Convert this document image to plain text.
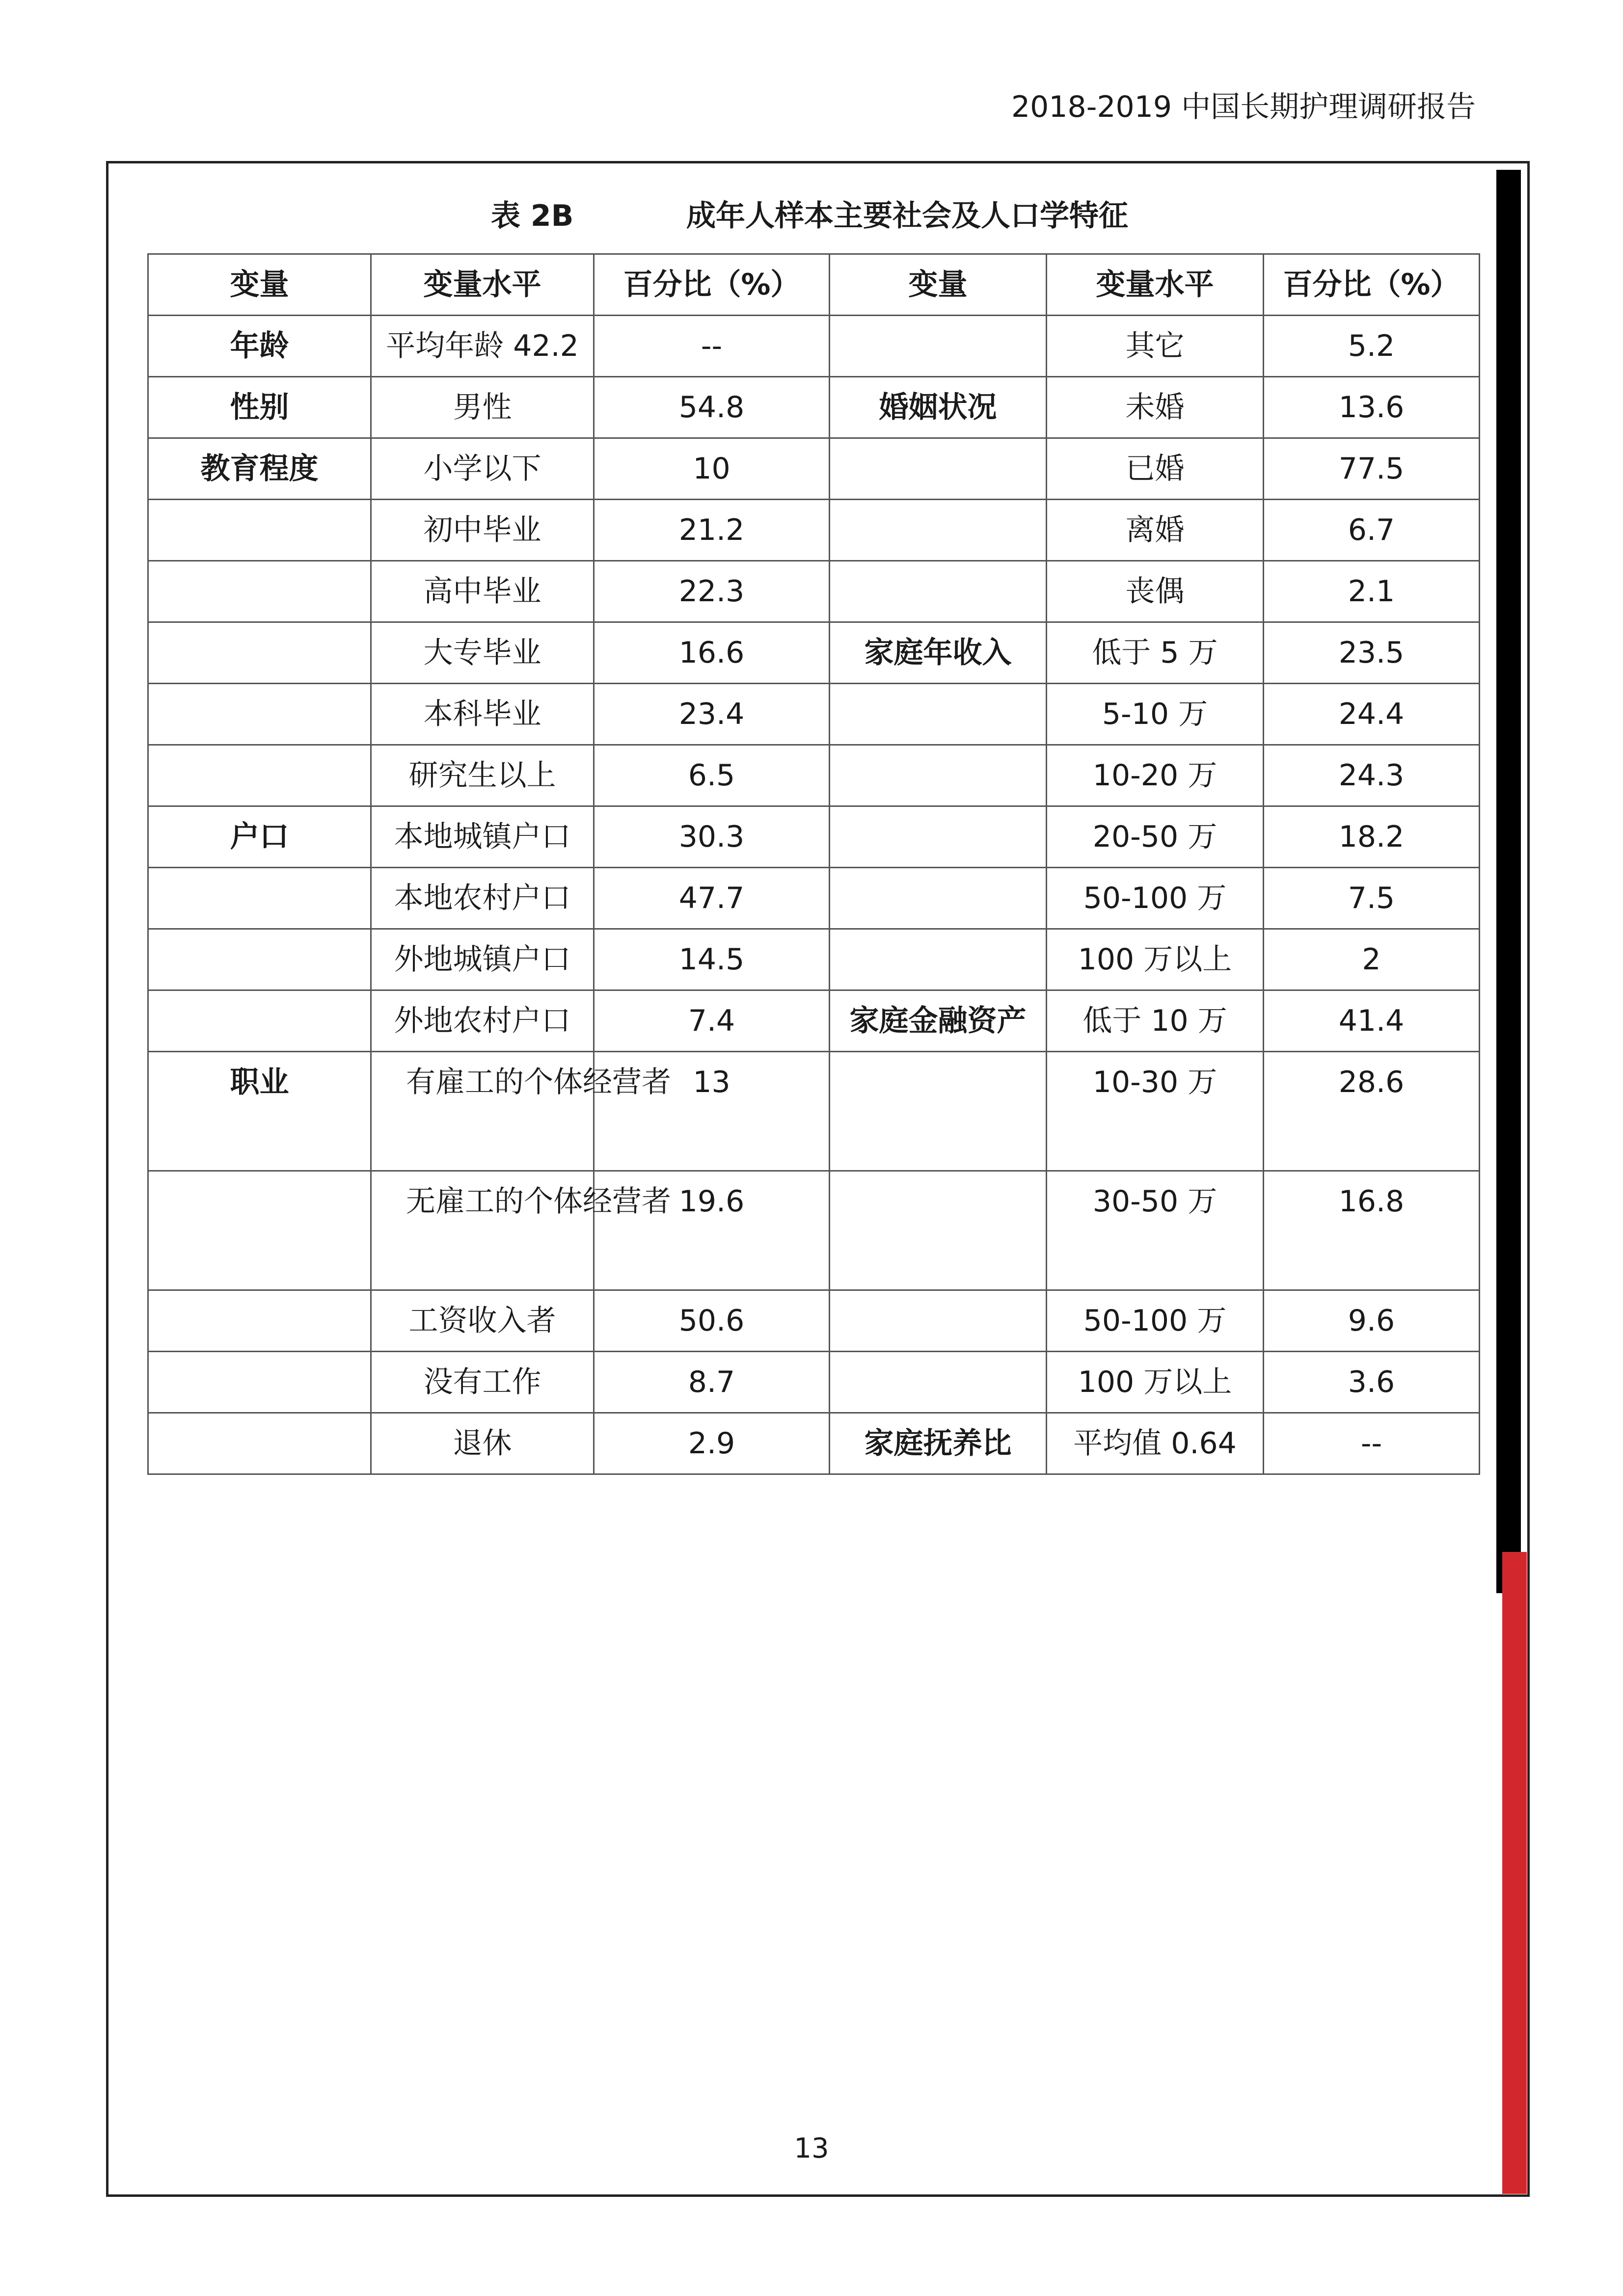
2018-2019 中国长期护理调研报告
表 2B	成年人样本主要社会及人口学特征
变量	变量水平	百分比（%）	变量	变量水平	百分比（%）
年龄	平均年龄 42.2	--		其它	5.2
性别	男性	54.8	婚姻状况	未婚	13.6
教育程度	小学以下	10		已婚	77.5
	初中毕业	21.2		离婚	6.7
	高中毕业	22.3		丧偶	2.1
	大专毕业	16.6	家庭年收入	低于 5 万	23.5
	本科毕业	23.4		5-10 万	24.4
	研究生以上	6.5		10-20 万	24.3
户口	本地城镇户口	30.3		20-50 万	18.2
	本地农村户口	47.7		50-100 万	7.5
	外地城镇户口	14.5		100 万以上	2
	外地农村户口	7.4	家庭金融资产	低于 10 万	41.4
职业	有雇工的个体经营者	13		10-30 万	28.6
	无雇工的个体经营者	19.6		30-50 万	16.8
	工资收入者	50.6		50-100 万	9.6
	没有工作	8.7		100 万以上	3.6
	退休	2.9	家庭抚养比	平均值 0.64	--
13
